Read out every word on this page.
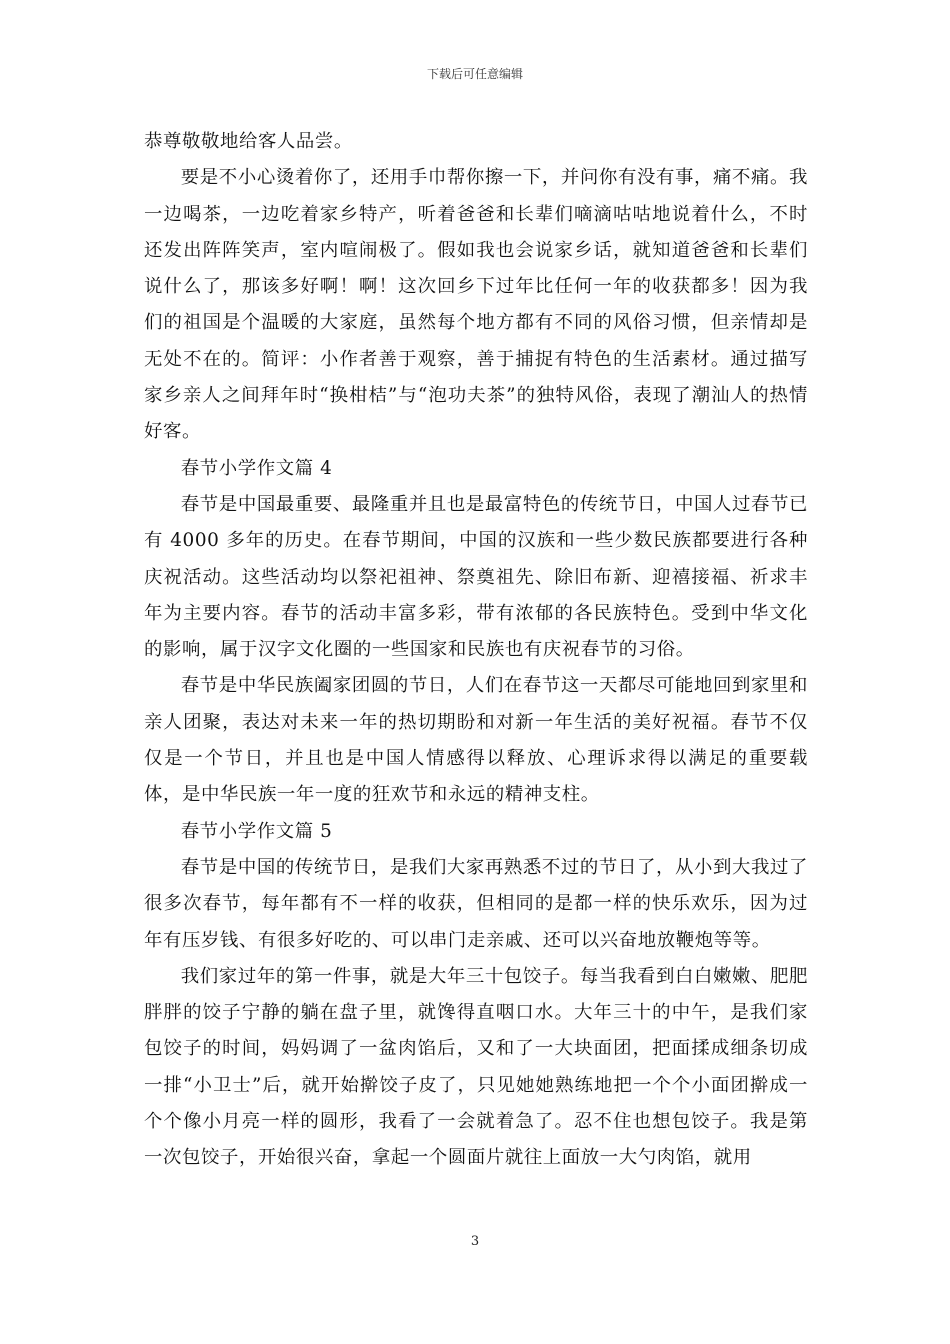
下载后可任意编辑

恭尊敬敬地给客人品尝。

要是不小心烫着你了，还用手巾帮你擦一下，并问你有没有事，痛不痛。我一边喝茶，一边吃着家乡特产，听着爸爸和长辈们嘀滴咕咕地说着什么，不时还发出阵阵笑声，室内喧闹极了。假如我也会说家乡话，就知道爸爸和长辈们说什么了，那该多好啊！啊！这次回乡下过年比任何一年的收获都多！因为我们的祖国是个温暖的大家庭，虽然每个地方都有不同的风俗习惯，但亲情却是无处不在的。简评：小作者善于观察，善于捕捉有特色的生活素材。通过描写家乡亲人之间拜年时“换柑桔”与“泡功夫茶”的独特风俗，表现了潮汕人的热情好客。

春节小学作文篇 4

春节是中国最重要、最隆重并且也是最富特色的传统节日，中国人过春节已有 4000 多年的历史。在春节期间，中国的汉族和一些少数民族都要进行各种庆祝活动。这些活动均以祭祀祖神、祭奠祖先、除旧布新、迎禧接福、祈求丰年为主要内容。春节的活动丰富多彩，带有浓郁的各民族特色。受到中华文化的影响，属于汉字文化圈的一些国家和民族也有庆祝春节的习俗。

春节是中华民族阖家团圆的节日，人们在春节这一天都尽可能地回到家里和亲人团聚，表达对未来一年的热切期盼和对新一年生活的美好祝福。春节不仅仅是一个节日，并且也是中国人情感得以释放、心理诉求得以满足的重要载体，是中华民族一年一度的狂欢节和永远的精神支柱。

春节小学作文篇 5

春节是中国的传统节日，是我们大家再熟悉不过的节日了，从小到大我过了很多次春节，每年都有不一样的收获，但相同的是都一样的快乐欢乐，因为过年有压岁钱、有很多好吃的、可以串门走亲戚、还可以兴奋地放鞭炮等等。

我们家过年的第一件事，就是大年三十包饺子。每当我看到白白嫩嫩、肥肥胖胖的饺子宁静的躺在盘子里，就馋得直咽口水。大年三十的中午，是我们家包饺子的时间，妈妈调了一盆肉馅后，又和了一大块面团，把面揉成细条切成一排“小卫士”后，就开始擀饺子皮了，只见她她熟练地把一个个小面团擀成一个个像小月亮一样的圆形，我看了一会就着急了。忍不住也想包饺子。我是第一次包饺子，开始很兴奋，拿起一个圆面片就往上面放一大勺肉馅，就用

3
